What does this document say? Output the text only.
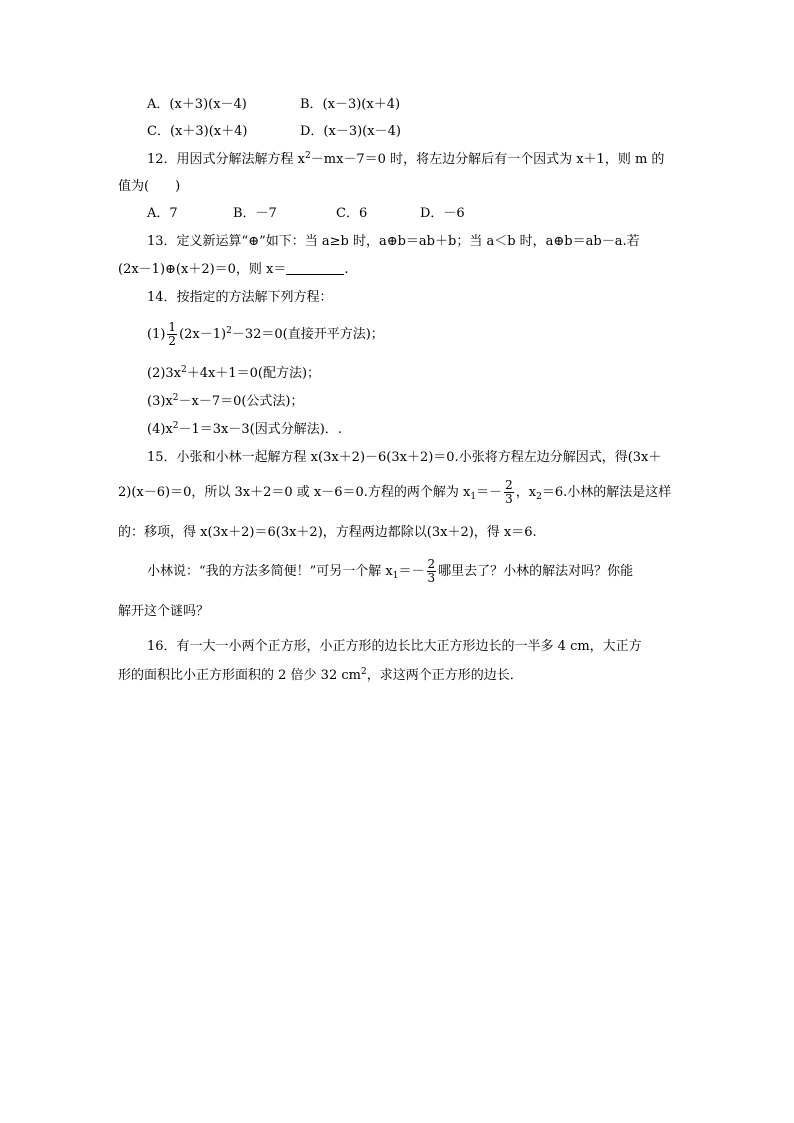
A．(x＋3)(x－4)	B．(x－3)(x＋4)
C．(x＋3)(x＋4)	D．(x－3)(x－4)
12．用因式分解法解方程 $x^2-mx-7=0$ 时，将左边分解后有一个因式为 x＋1，则 m 的
值为(　　)
A．7	B．－7	C．6	D．－6
13．定义新运算“⊕”如下：当 a≥b 时，a⊕b＝ab＋b；当 a＜b 时，a⊕b＝ab－a.若
(2x－1)⊕(x＋2)＝0，则 x＝	.
14．按指定的方法解下列方程：
$(1) \frac{1}{2} (2x-1)^2-32=0$(直接开平方法)；
$(2)3x^2+4x+1=0$(配方法)；
$(3)x^2-x-7=0$(公式法)；
$(4)x^2-1=3x-3$(因式分解法)．.
15．小张和小林一起解方程 x(3x＋2)－6(3x＋2)＝0.小张将方程左边分解因式，得(3x＋
2)(x－6)＝0，所以 3x＋2＝0 或 x－6＝0.方程的两个解为 $x_1=- \frac{2}{3}$ ，$x_2=6$.小林的解法是这样
的：移项，得 x(3x＋2)＝6(3x＋2)，方程两边都除以(3x＋2)，得 x＝6.
小林说：“我的方法多简便！”可另一个解 $x_1=- \frac{2}{3}$ 哪里去了？小林的解法对吗？你能
解开这个谜吗？
16．有一大一小两个正方形，小正方形的边长比大正方形边长的一半多 4 cm，大正方
形的面积比小正方形面积的 2 倍少 32 $cm^2$，求这两个正方形的边长．
